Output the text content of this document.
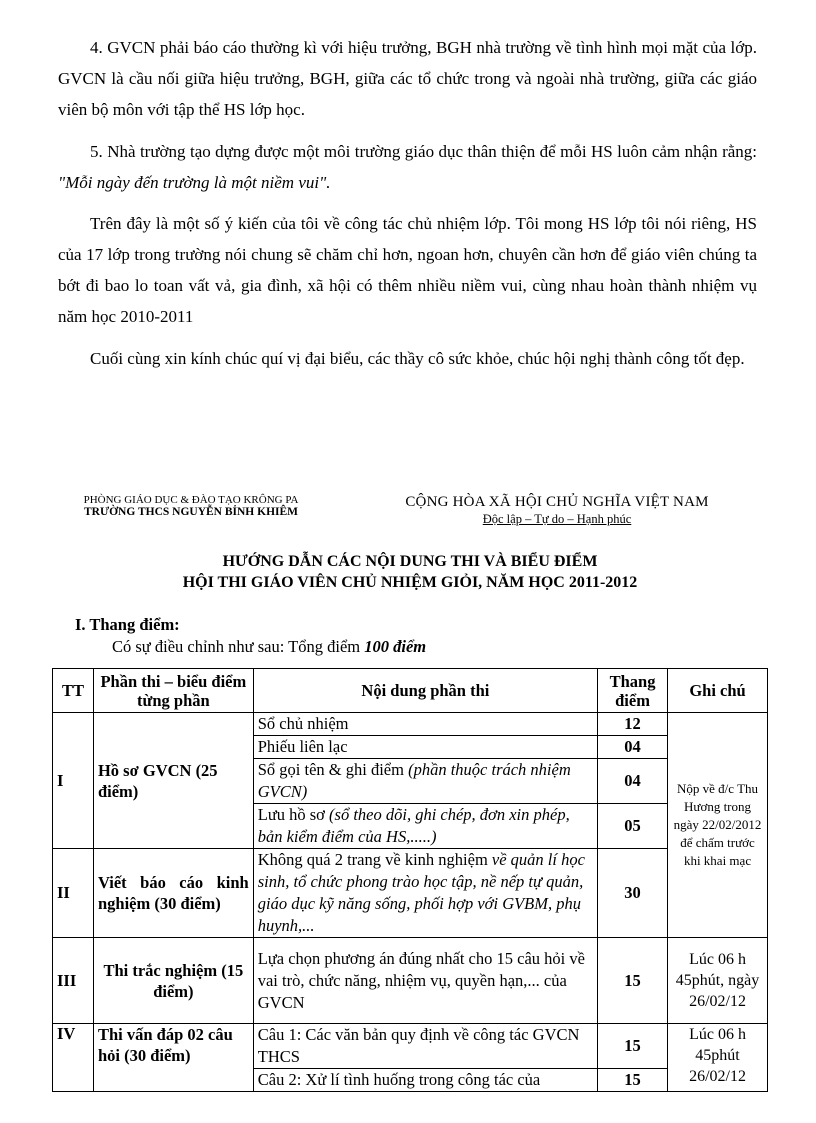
4. GVCN phải báo cáo thường kì với hiệu trưởng, BGH nhà trường về tình hình mọi mặt của lớp. GVCN là cầu nối giữa hiệu trưởng, BGH, giữa các tổ chức trong và ngoài nhà trường, giữa các giáo viên bộ môn với tập thể HS lớp học.

5. Nhà trường tạo dựng được một môi trường giáo dục thân thiện để mỗi HS luôn cảm nhận rằng: "Mỗi ngày đến trường là một niềm vui".

Trên đây là một số ý kiến của tôi về công tác chủ nhiệm lớp. Tôi mong HS lớp tôi nói riêng, HS của 17 lớp trong trường nói chung sẽ chăm chỉ hơn, ngoan hơn, chuyên cần hơn để giáo viên chúng ta bớt đi bao lo toan vất vả, gia đình, xã hội có thêm nhiều niềm vui, cùng nhau hoàn thành nhiệm vụ năm học 2010-2011

Cuối cùng xin kính chúc quí vị đại biểu, các thầy cô sức khỏe, chúc hội nghị thành công tốt đẹp.

PHÒNG GIÁO DỤC & ĐÀO TẠO KRÔNG PA
TRƯỜNG THCS NGUYỄN BỈNH KHIÊM
CỘNG HÒA XÃ HỘI CHỦ NGHĨA VIỆT NAM
Độc lập – Tự do – Hạnh phúc
HƯỚNG DẪN CÁC NỘI DUNG THI VÀ BIỂU ĐIỂM
HỘI THI GIÁO VIÊN CHỦ NHIỆM GIỎI, NĂM HỌC 2011-2012
I. Thang điểm:
Có sự điều chỉnh như sau: Tổng điểm 100 điểm
TT	Phần thi – biểu điểm từng phần	Nội dung phần thi	Thang điểm	Ghi chú
I	Hồ sơ GVCN (25 điểm)	Sổ chủ nhiệm	12	Nộp về đ/c Thu Hương trong ngày 22/02/2012 để chấm trước khi khai mạc
		Phiếu liên lạc	04	
		Sổ gọi tên & ghi điểm (phần thuộc trách nhiệm GVCN)	04	
		Lưu hồ sơ (sổ theo dõi, ghi chép, đơn xin phép, bản kiểm điểm của HS,.....)	05	
II	Viết báo cáo kinh nghiệm (30 điểm)	Không quá 2 trang về kinh nghiệm về quản lí học sinh, tổ chức phong trào học tập, nề nếp tự quản, giáo dục kỹ năng sống, phối hợp với GVBM, phụ huynh,...	30	
III	Thi trắc nghiệm (15 điểm)	Lựa chọn phương án đúng nhất cho 15 câu hỏi về vai trò, chức năng, nhiệm vụ, quyền hạn,... của GVCN	15	Lúc 06 h 45phút, ngày 26/02/12
IV	Thi vấn đáp 02 câu hỏi (30 điểm)	Câu 1: Các văn bản quy định về công tác GVCN THCS	15	Lúc 06 h 45phút 26/02/12
		Câu 2: Xử lí tình huống trong công tác của	15	
